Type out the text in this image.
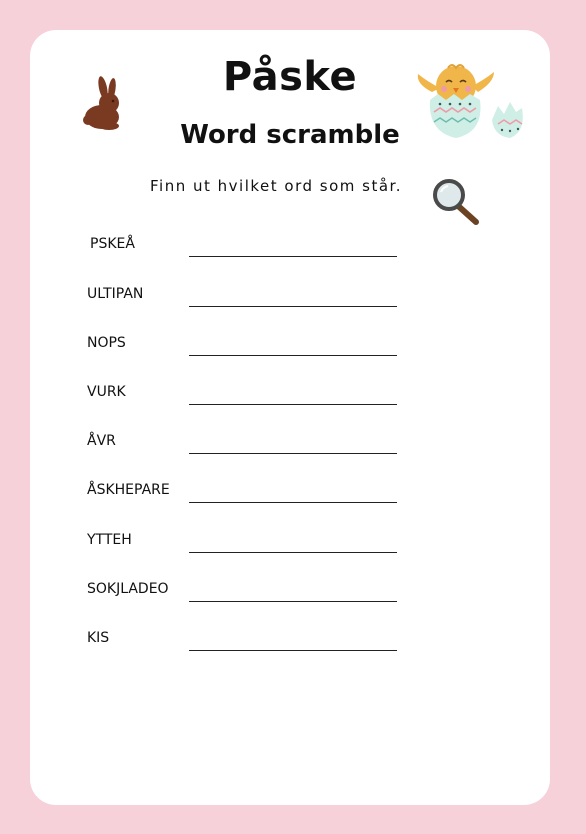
Påske
Word scramble
Finn ut hvilket ord som står.
PSKEÅ
ULTIPAN
NOPS
VURK
ÅVR
ÅSKHEPARE
YTTEH
SOKJLADEO
KIS
